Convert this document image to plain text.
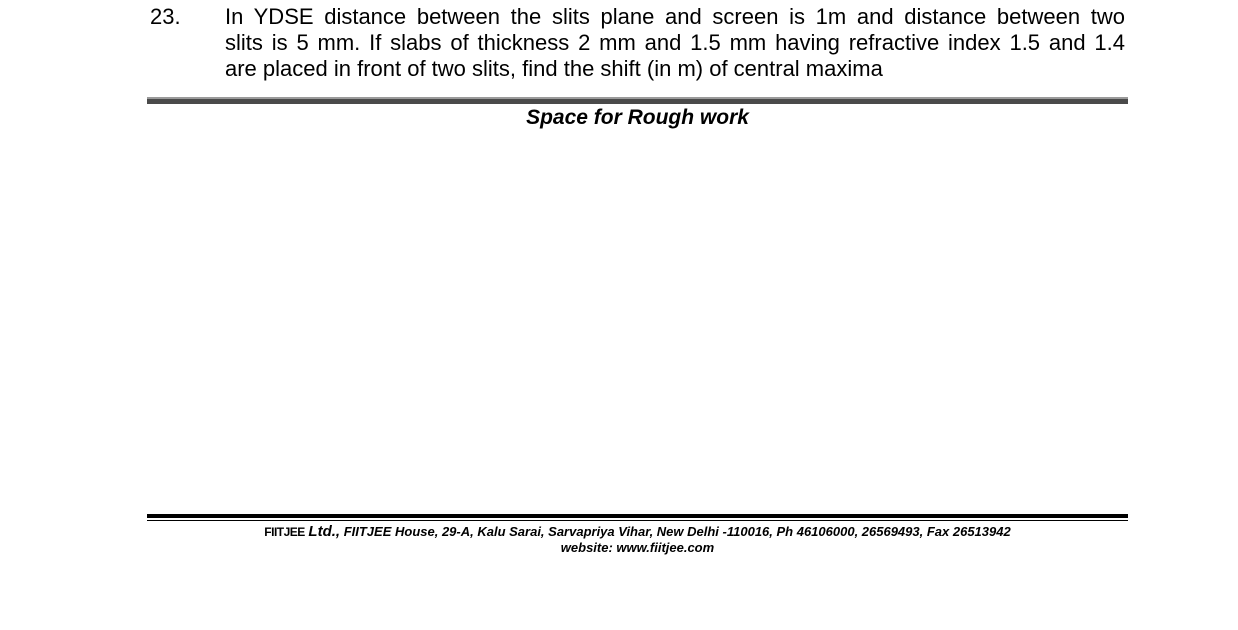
23. In YDSE distance between the slits plane and screen is 1m and distance between two
slits is 5 mm. If slabs of thickness 2 mm and 1.5 mm having refractive index 1.5 and 1.4
are placed in front of two slits, find the shift (in m) of central maxima
Space for Rough work
FIITJEE Ltd., FIITJEE House, 29-A, Kalu Sarai, Sarvapriya Vihar, New Delhi -110016, Ph 46106000, 26569493, Fax 26513942
website: www.fiitjee.com
